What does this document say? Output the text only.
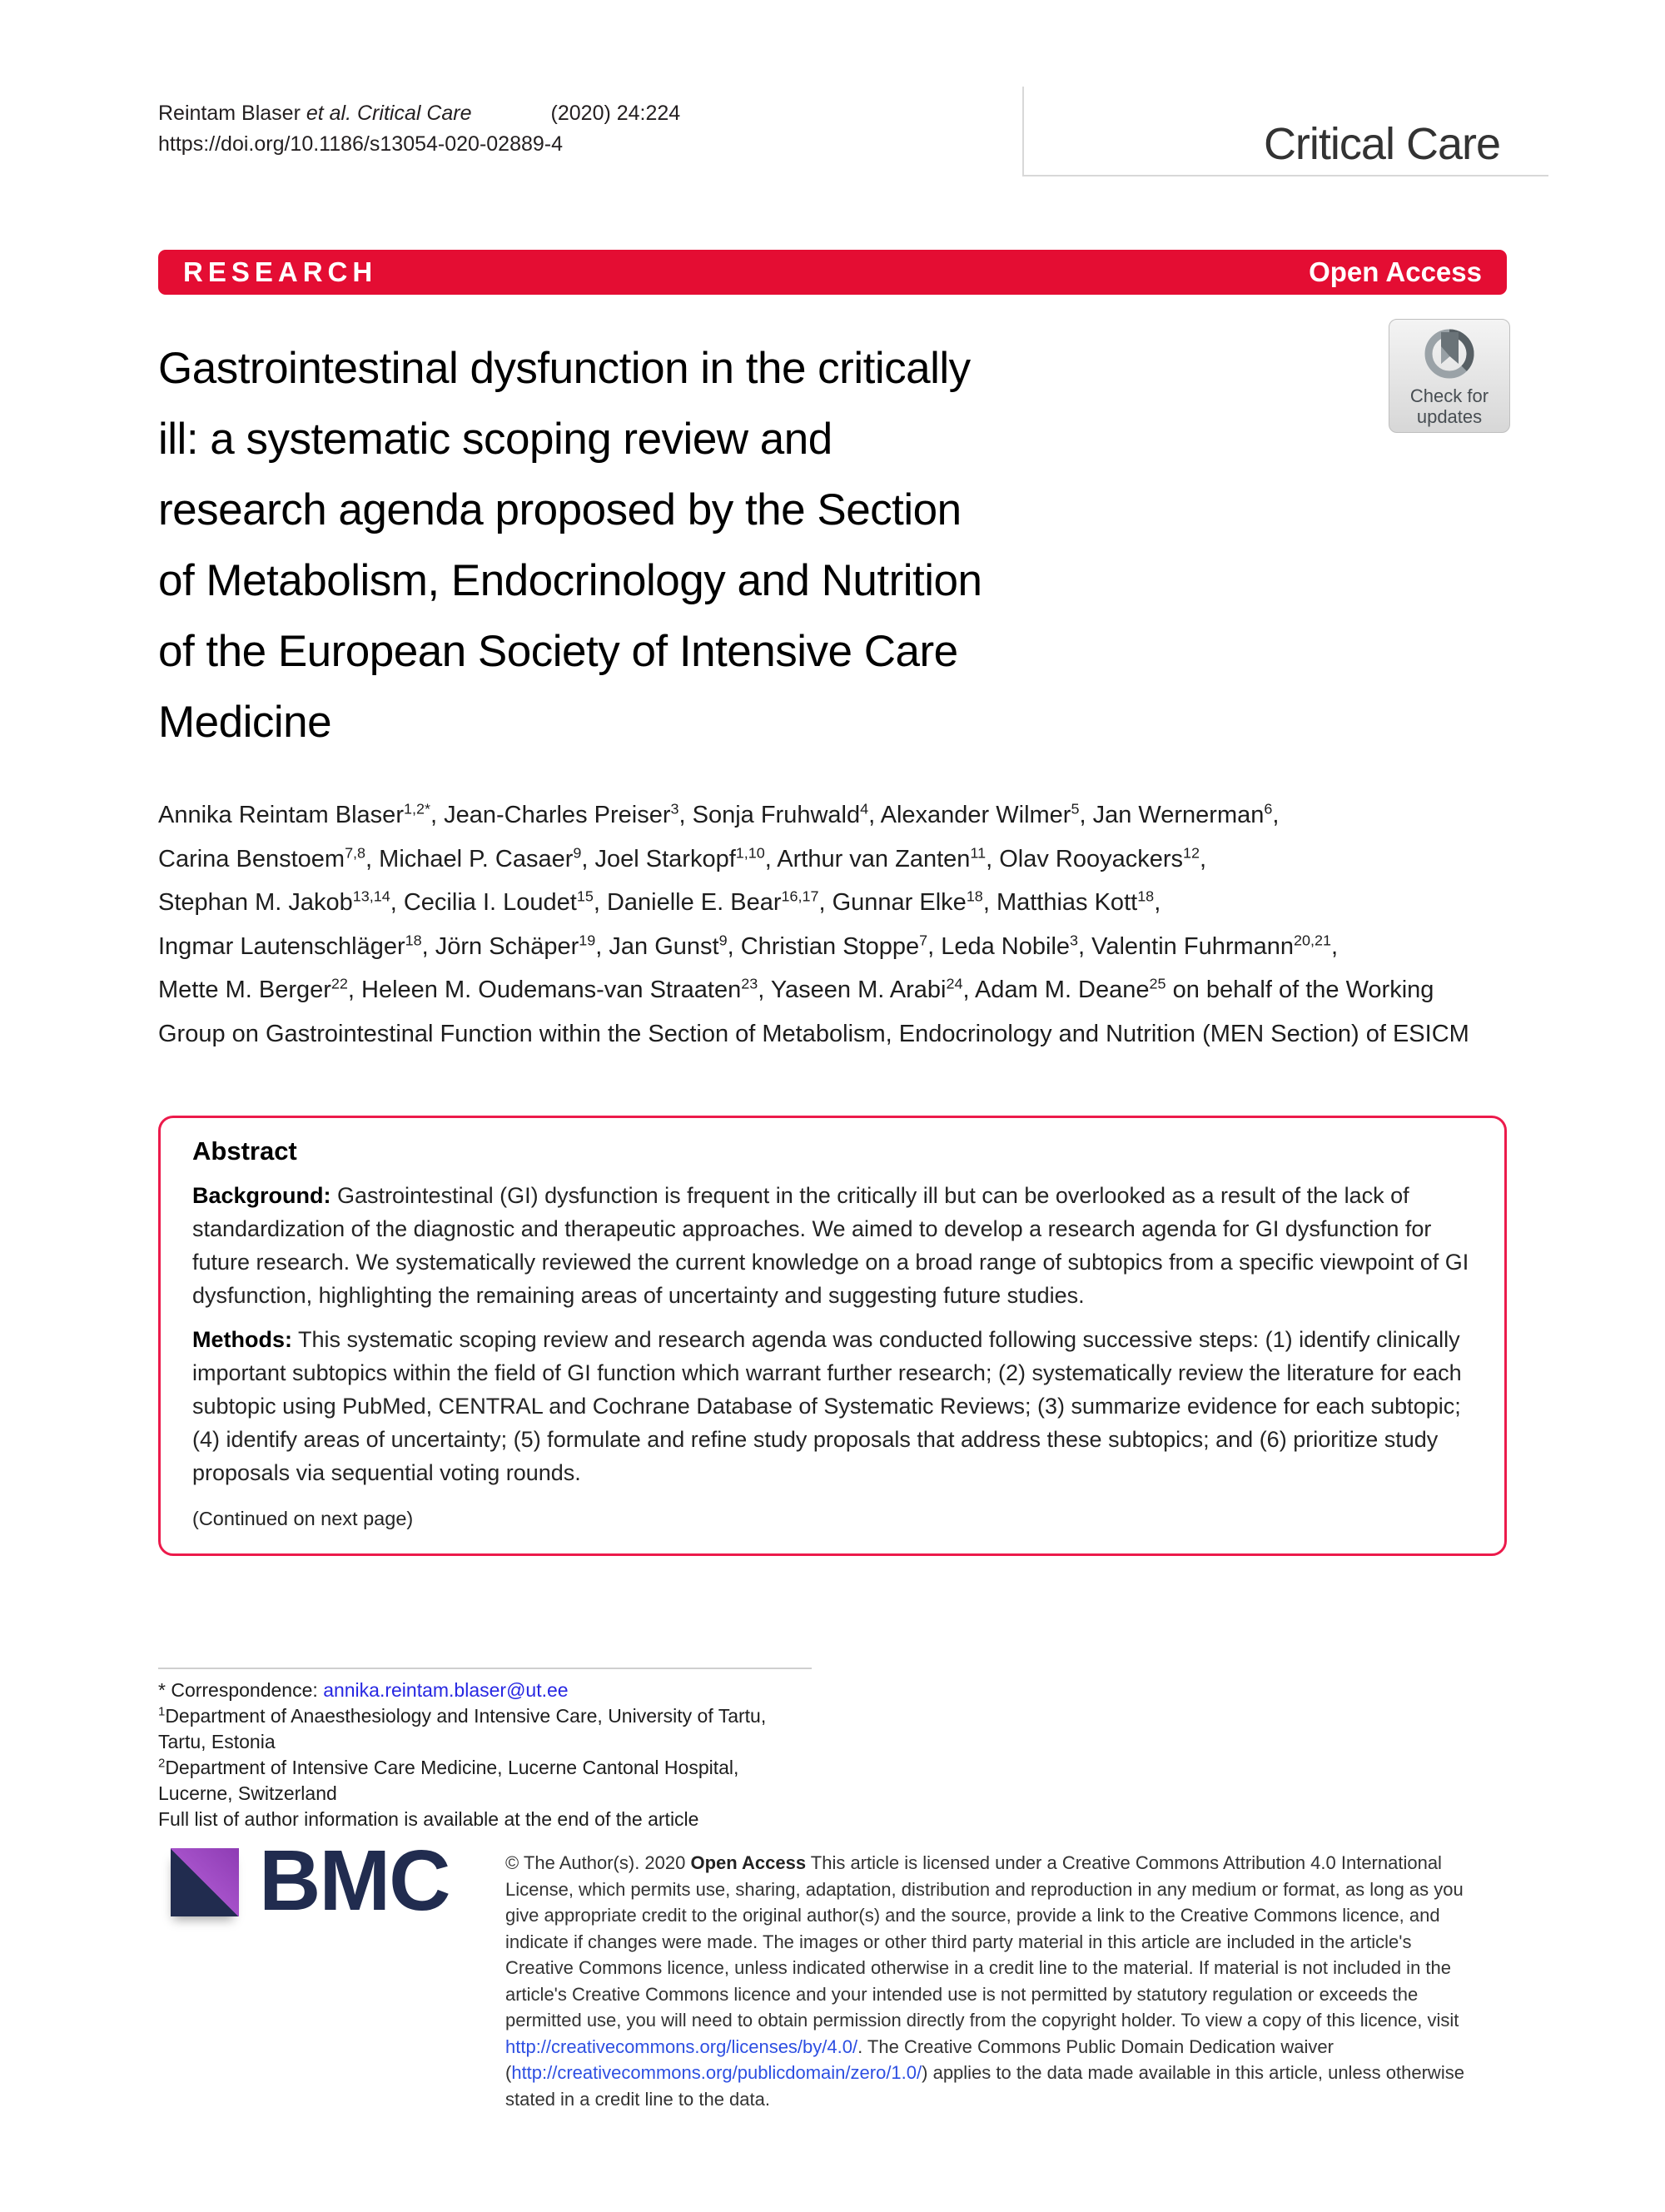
Reintam Blaser et al. Critical Care	(2020) 24:224
https://doi.org/10.1186/s13054-020-02889-4	Critical Care
RESEARCH	Open Access
Check for
updates
Gastrointestinal dysfunction in the critically
ill: a systematic scoping review and
research agenda proposed by the Section
of Metabolism, Endocrinology and Nutrition
of the European Society of Intensive Care
Medicine

Annika Reintam Blaser$^{1,2*}$, Jean-Charles Preiser$^3$, Sonja Fruhwald$^4$, Alexander Wilmer$^5$, Jan Wernerman$^6$,
Carina Benstoem$^{7,8}$, Michael P. Casaer$^9$, Joel Starkopf$^{1,10}$, Arthur van Zanten$^{11}$, Olav Rooyackers$^{12}$,
Stephan M. Jakob$^{13,14}$, Cecilia I. Loudet$^{15}$, Danielle E. Bear$^{16,17}$, Gunnar Elke$^{18}$, Matthias Kott$^{18}$,
Ingmar Lautenschläger$^{18}$, Jörn Schäper$^{19}$, Jan Gunst$^9$, Christian Stoppe$^7$, Leda Nobile$^3$, Valentin Fuhrmann$^{20,21}$,
Mette M. Berger$^{22}$, Heleen M. Oudemans-van Straaten$^{23}$, Yaseen M. Arabi$^{24}$, Adam M. Deane$^{25}$ on behalf of the Working Group on Gastrointestinal Function within the Section of Metabolism, Endocrinology and Nutrition (MEN Section) of ESICM

Abstract

Background: Gastrointestinal (GI) dysfunction is frequent in the critically ill but can be overlooked as a result of the lack of standardization of the diagnostic and therapeutic approaches. We aimed to develop a research agenda for GI dysfunction for future research. We systematically reviewed the current knowledge on a broad range of subtopics from a specific viewpoint of GI dysfunction, highlighting the remaining areas of uncertainty and suggesting future studies.

Methods: This systematic scoping review and research agenda was conducted following successive steps: (1) identify clinically important subtopics within the field of GI function which warrant further research; (2) systematically review the literature for each subtopic using PubMed, CENTRAL and Cochrane Database of Systematic Reviews; (3) summarize evidence for each subtopic; (4) identify areas of uncertainty; (5) formulate and refine study proposals that address these subtopics; and (6) prioritize study proposals via sequential voting rounds.

(Continued on next page)

* Correspondence: annika.reintam.blaser@ut.ee

$^1$Department of Anaesthesiology and Intensive Care, University of Tartu, Tartu, Estonia

$^2$Department of Intensive Care Medicine, Lucerne Cantonal Hospital, Lucerne, Switzerland

Full list of author information is available at the end of the article

BMC	© The Author(s). 2020 Open Access This article is licensed under a Creative Commons Attribution 4.0 International License, which permits use, sharing, adaptation, distribution and reproduction in any medium or format, as long as you give appropriate credit to the original author(s) and the source, provide a link to the Creative Commons licence, and indicate if changes were made. The images or other third party material in this article are included in the article's Creative Commons licence, unless indicated otherwise in a credit line to the material. If material is not included in the article's Creative Commons licence and your intended use is not permitted by statutory regulation or exceeds the permitted use, you will need to obtain permission directly from the copyright holder. To view a copy of this licence, visit http://creativecommons.org/licenses/by/4.0/. The Creative Commons Public Domain Dedication waiver (http://creativecommons.org/publicdomain/zero/1.0/) applies to the data made available in this article, unless otherwise stated in a credit line to the data.
